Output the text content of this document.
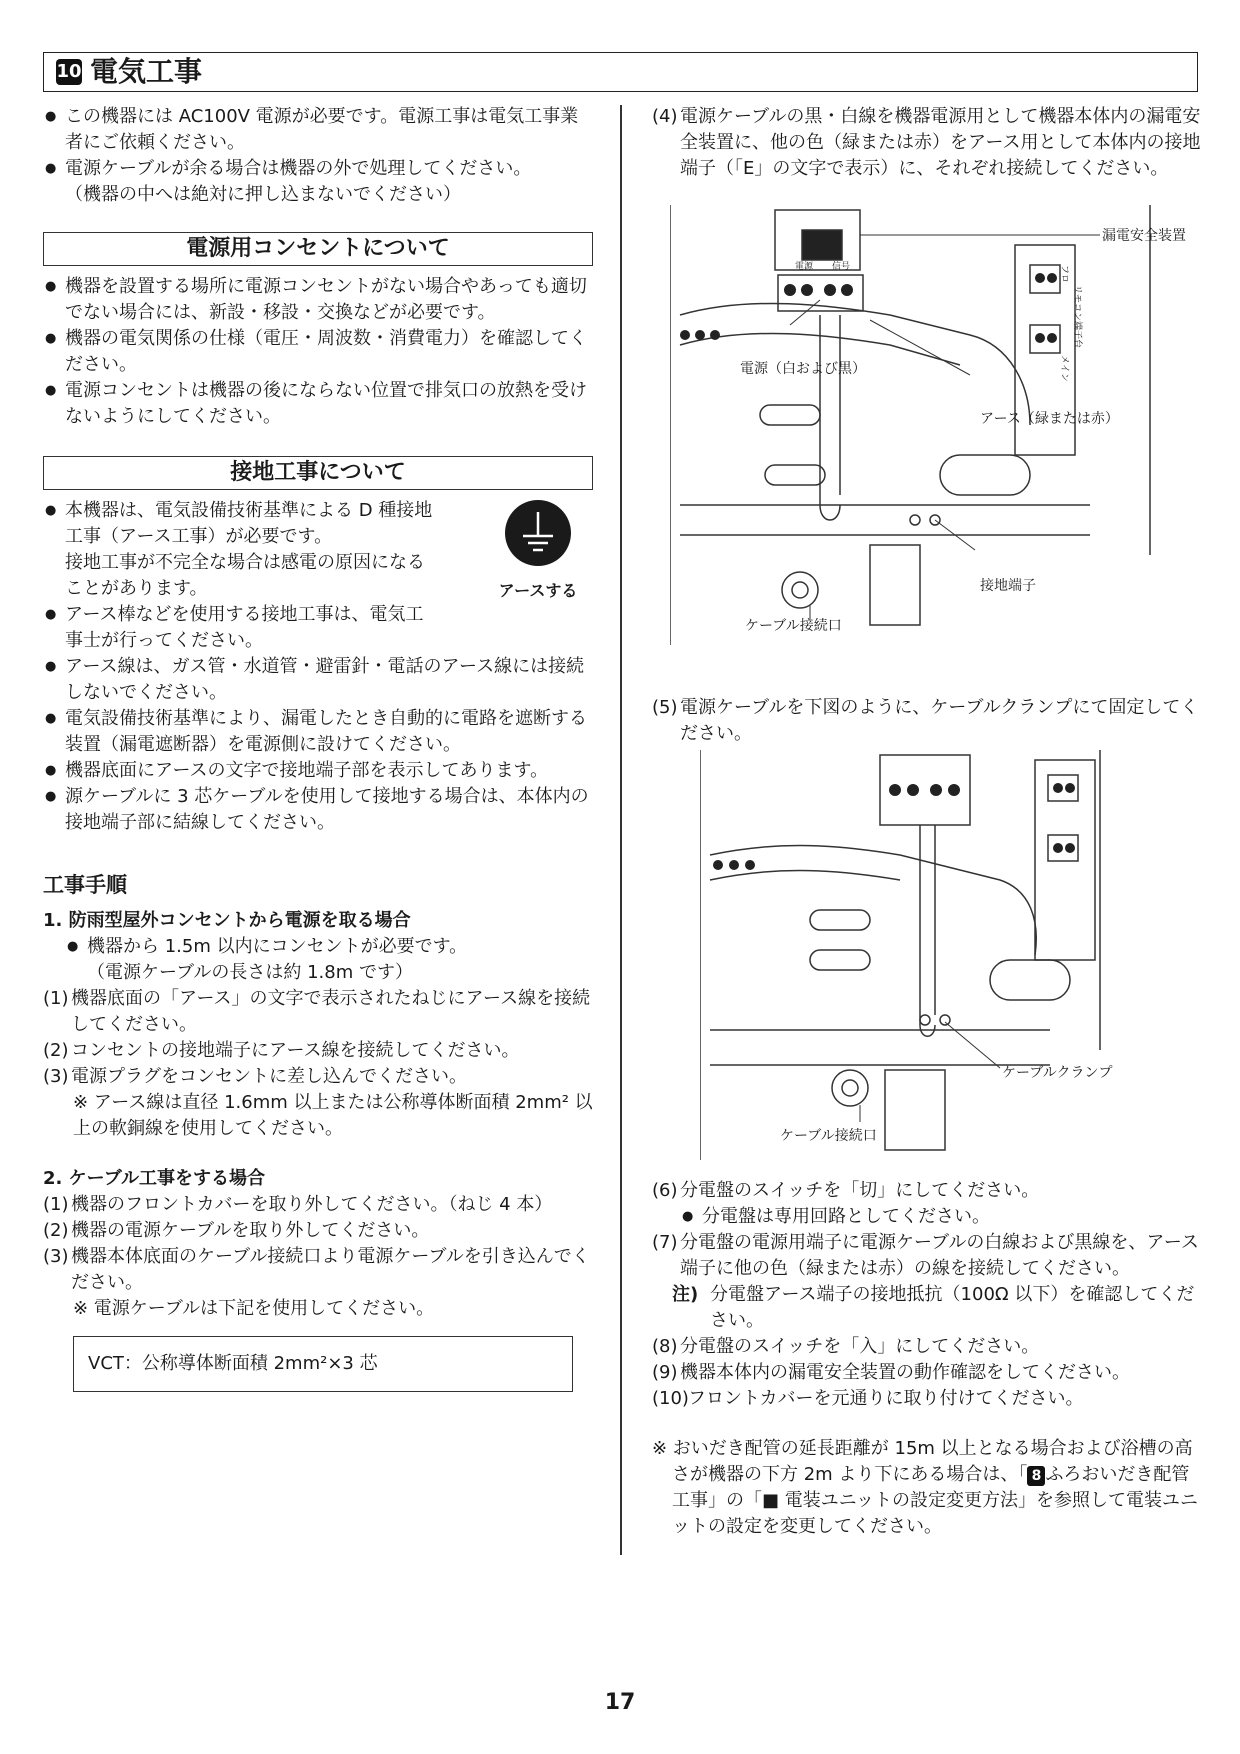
10 電気工事

● この機器には AC100V 電源が必要です。電源工事は電気工事業者にご依頼ください。

● 電源ケーブルが余る場合は機器の外で処理してください。

（機器の中へは絶対に押し込まないでください）

電源用コンセントについて

● 機器を設置する場所に電源コンセントがない場合やあっても適切でない場合には、新設・移設・交換などが必要です。

● 機器の電気関係の仕様（電圧・周波数・消費電力）を確認してください。

● 電源コンセントは機器の後にならない位置で排気口の放熱を受けないようにしてください。

接地工事について

● 本機器は、電気設備技術基準による D 種接地
工事（アース工事）が必要です。
接地工事が不完全な場合は感電の原因になる
ことがあります。

● アース棒などを使用する接地工事は、電気工
事士が行ってください。

アースする

● アース線は、ガス管・水道管・避雷針・電話のアース線には接続しないでください。

● 電気設備技術基準により、漏電したとき自動的に電路を遮断する装置（漏電遮断器）を電源側に設けてください。

● 機器底面にアースの文字で接地端子部を表示してあります。

● 源ケーブルに 3 芯ケーブルを使用して接地する場合は、本体内の接地端子部に結線してください。

工事手順
1. 防雨型屋外コンセントから電源を取る場合

● 機器から 1.5m 以内にコンセントが必要です。

（電源ケーブルの長さは約 1.8m です）

(1) 機器底面の「アース」の文字で表示されたねじにアース線を接続してください。
(2) コンセントの接地端子にアース線を接続してください。
(3) 電源プラグをコンセントに差し込んでください。
※ アース線は直径 1.6mm 以上または公称導体断面積 2mm² 以上の軟銅線を使用してください。
2. ケーブル工事をする場合
(1) 機器のフロントカバーを取り外してください。（ねじ 4 本）
(2) 機器の電源ケーブルを取り外してください。
(3) 機器本体底面のケーブル接続口より電源ケーブルを引き込んでください。
※ 電源ケーブルは下記を使用してください。
VCT：公称導体断面積 2mm²×3 芯
(4) 電源ケーブルの黒・白線を機器電源用として機器本体内の漏電安全装置に、他の色（緑または赤）をアース用として本体内の接地端子（「E」の文字で表示）に、それぞれ接続してください。
電源 信号
リモコン端子台
メイン
フロ
漏電安全装置
電源（白および黒）
アース（緑または赤）
接地端子
ケーブル接続口
(5) 電源ケーブルを下図のように、ケーブルクランプにて固定してください。
ケーブルクランプ
ケーブル接続口
(6) 分電盤のスイッチを「切」にしてください。

● 分電盤は専用回路としてください。

(7) 分電盤の電源用端子に電源ケーブルの白線および黒線を、アース端子に他の色（緑または赤）の線を接続してください。
注) 分電盤アース端子の接地抵抗（100Ω 以下）を確認してください。
(8) 分電盤のスイッチを「入」にしてください。
(9) 機器本体内の漏電安全装置の動作確認をしてください。
(10) フロントカバーを元通りに取り付けてください。
※ おいだき配管の延長距離が 15m 以上となる場合および浴槽の高さが機器の下方 2m より下にある場合は、「 8 ふろおいだき配管工事」の「■ 電装ユニットの設定変更方法」を参照して電装ユニットの設定を変更してください。
17
